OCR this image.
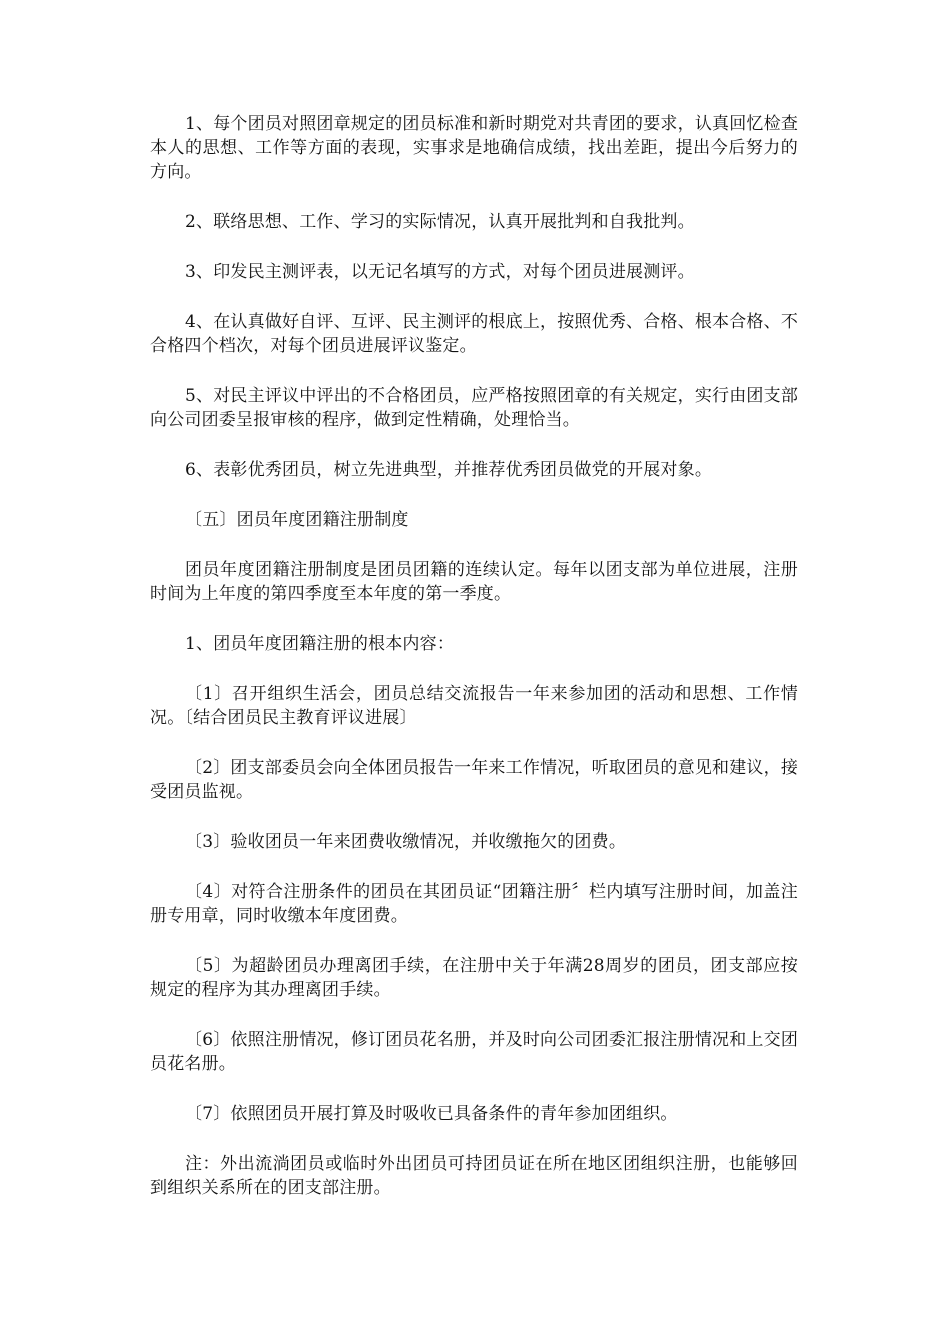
1、每个团员对照团章规定的团员标准和新时期党对共青团的要求，认真回忆检查本人的思想、工作等方面的表现，实事求是地确信成绩，找出差距，提出今后努力的方向。

2、联络思想、工作、学习的实际情况，认真开展批判和自我批判。

3、印发民主测评表，以无记名填写的方式，对每个团员进展测评。

4、在认真做好自评、互评、民主测评的根底上，按照优秀、合格、根本合格、不合格四个档次，对每个团员进展评议鉴定。

5、对民主评议中评出的不合格团员，应严格按照团章的有关规定，实行由团支部向公司团委呈报审核的程序，做到定性精确，处理恰当。

6、表彰优秀团员，树立先进典型，并推荐优秀团员做党的开展对象。

〔五〕团员年度团籍注册制度

团员年度团籍注册制度是团员团籍的连续认定。每年以团支部为单位进展，注册时间为上年度的第四季度至本年度的第一季度。

1、团员年度团籍注册的根本内容：

〔1〕召开组织生活会，团员总结交流报告一年来参加团的活动和思想、工作情况。〔结合团员民主教育评议进展〕

〔2〕团支部委员会向全体团员报告一年来工作情况，听取团员的意见和建议，接受团员监视。

〔3〕验收团员一年来团费收缴情况，并收缴拖欠的团费。

〔4〕对符合注册条件的团员在其团员证“团籍注册〞栏内填写注册时间，加盖注册专用章，同时收缴本年度团费。

〔5〕为超龄团员办理离团手续，在注册中关于年满28周岁的团员，团支部应按规定的程序为其办理离团手续。

〔6〕依照注册情况，修订团员花名册，并及时向公司团委汇报注册情况和上交团员花名册。

〔7〕依照团员开展打算及时吸收已具备条件的青年参加团组织。

注：外出流淌团员或临时外出团员可持团员证在所在地区团组织注册，也能够回到组织关系所在的团支部注册。
